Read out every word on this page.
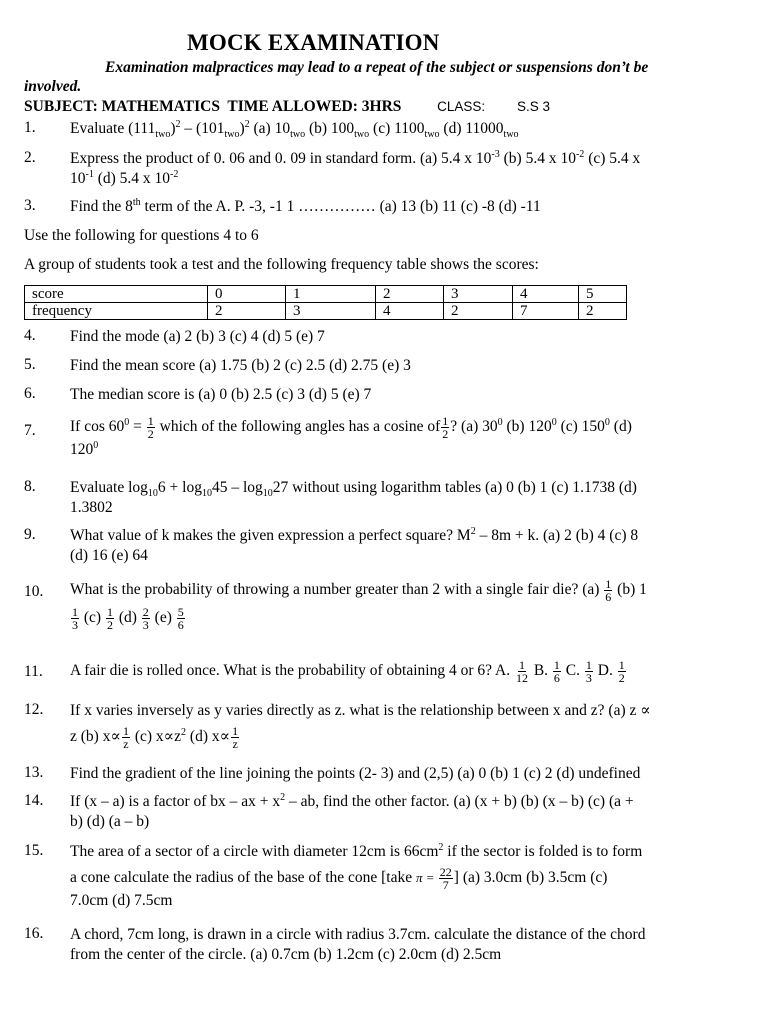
MOCK EXAMINATION
Examination malpractices may lead to a repeat of the subject or suspensions don’t be
involved.
SUBJECT: MATHEMATICS TIME ALLOWED: 3HRS	CLASS: S.S 3
1. Evaluate $(111_{two})^2 - (101_{two})^2$ (a) $10_{two}$ (b) $100_{two}$ (c) $1100_{two}$ (d) $11000_{two}$
2. Express the product of 0. 06 and 0. 09 in standard form. (a) 5.4 x $10^{-3}$ (b) 5.4 x $10^{-2}$ (c) 5.4 x
$10^{-1}$ (d) 5.4 x $10^{-2}$
3. Find the 8th term of the A. P. -3, -1 1 …………… (a) 13 (b) 11 (c) -8 (d) -11
Use the following for questions 4 to 6
A group of students took a test and the following frequency table shows the scores:
score	0	1	2	3	4	5
frequency	2	3	4	2	7	2
4. Find the mode (a) 2 (b) 3 (c) 4 (d) 5 (e) 7
5. Find the mean score (a) 1.75 (b) 2 (c) 2.5 (d) 2.75 (e) 3
6. The median score is (a) 0 (b) 2.5 (c) 3 (d) 5 (e) 7
7. If $\cos 60^0 = \frac{1}{2}$ which of the following angles has a cosine of $\frac{1}{2}$ ? (a) $30^0$ (b) $120^0$ (c) $150^0$ (d)
$120^0$
8. Evaluate $\log_{10}6 + \log_{10}45 - \log_{10}27$ without using logarithm tables (a) 0 (b) 1 (c) 1.1738 (d)
1.3802
9. What value of k makes the given expression a perfect square? $M^2 - 8m + k$. (a) 2 (b) 4 (c) 8
(d) 16 (e) 64
10. What is the probability of throwing a number greater than 2 with a single fair die? $(a) \frac{1}{6} (b)$ 1
$\frac{1}{3} (c) \frac{1}{2} (d) \frac{2}{3} (e) \frac{5}{6}$
11. A fair die is rolled once. What is the probability of obtaining 4 or 6? A. $\frac{1}{12} B$. $\frac{1}{6} C$. $\frac{1}{3} D$. $\frac{1}{2}$
12. If x varies inversely as y varies directly as z. what is the relationship between x and z? (a) z ∝
z (b) $x\propto \frac{1}{z} (c)$ $x\propto z^2$ (d) $x\propto \frac{1}{z}$
13. Find the gradient of the line joining the points (2- 3) and (2,5) (a) 0 (b) 1 (c) 2 (d) undefined
14. If (x – a) is a factor of bx – ax + $x^2$ – ab, find the other factor. (a) (x + b) (b) (x – b) (c) (a +
b) (d) (a – b)
15. The area of a sector of a circle with diameter 12cm is $66cm^2$ if the sector is folded is to form
a cone calculate the radius of the base of the cone [take $\pi = \frac{22}{7}$ ] (a) 3.0cm (b) 3.5cm (c)
7.0cm (d) 7.5cm
16. A chord, 7cm long, is drawn in a circle with radius 3.7cm. calculate the distance of the chord
from the center of the circle. (a) 0.7cm (b) 1.2cm (c) 2.0cm (d) 2.5cm
